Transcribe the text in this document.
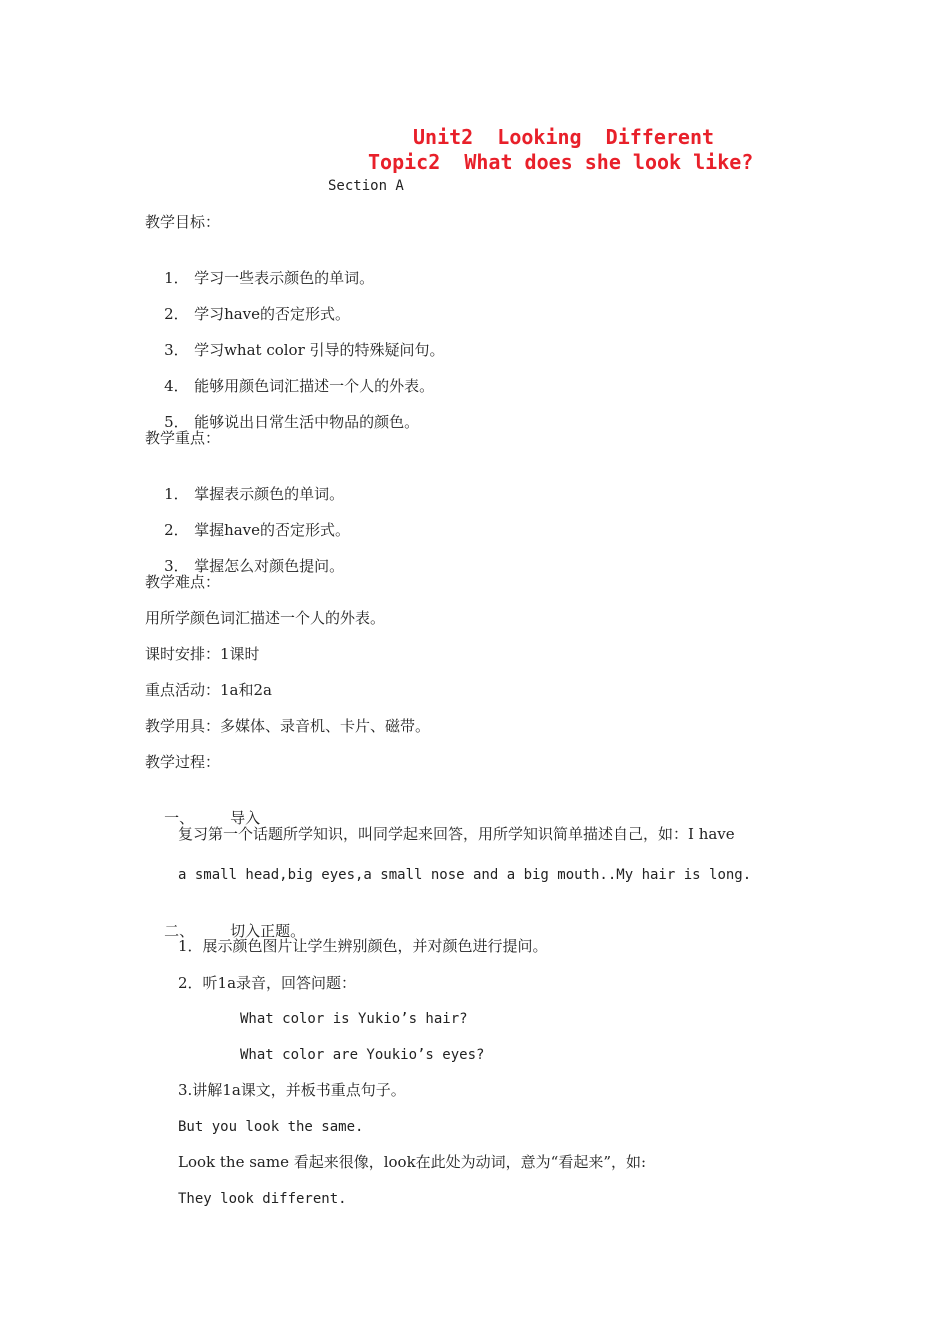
Unit2  Looking  Different
Topic2  What does she look like?
Section A
教学目标：

1． 学习一些表示颜色的单词。

2． 学习have的否定形式。

3． 学习what color 引导的特殊疑问句。

4． 能够用颜色词汇描述一个人的外表。

5． 能够说出日常生活中物品的颜色。

教学重点：

1． 掌握表示颜色的单词。

2． 掌握have的否定形式。

3． 掌握怎么对颜色提问。

教学难点：
用所学颜色词汇描述一个人的外表。
课时安排：1课时
重点活动：1a和2a
教学用具：多媒体、录音机、卡片、磁带。
教学过程：

一、 导入

复习第一个话题所学知识，叫同学起来回答，用所学知识简单描述自己，如：I have
a small head,big eyes,a small nose and a big mouth..My hair is long.

二、 切入正题。

1．展示颜色图片让学生辨别颜色，并对颜色进行提问。
2．听1a录音，回答问题：
What color is Yukio’s hair?
What color are Youkio’s eyes?
3.讲解1a课文，并板书重点句子。
But you look the same.
Look the same 看起来很像，look在此处为动词，意为“看起来”，如:
They look different.
